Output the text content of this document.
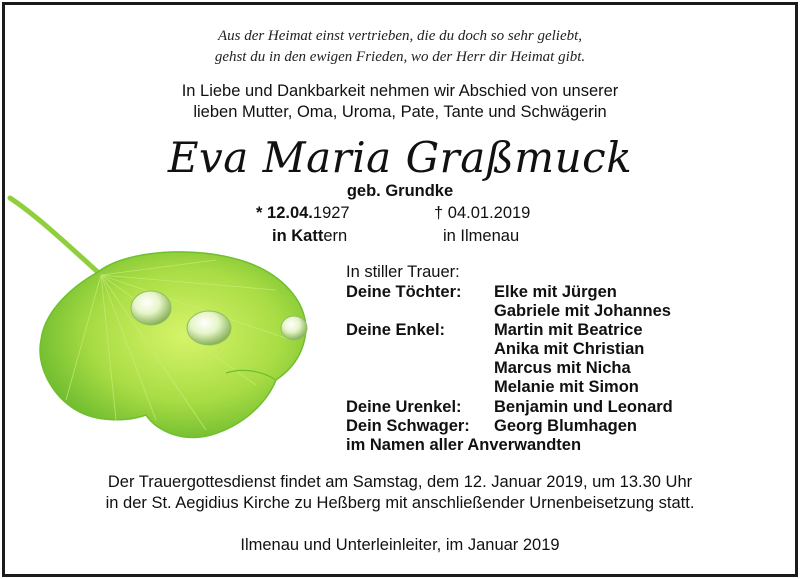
Aus der Heimat einst vertrieben, die du doch so sehr geliebt,
gehst du in den ewigen Frieden, wo der Herr dir Heimat gibt.
In Liebe und Dankbarkeit nehmen wir Abschied von unserer
lieben Mutter, Oma, Uroma, Pate, Tante und Schwägerin
Eva Maria Graßmuck
geb. Grundke
* 12.04.1927	† 04.01.2019
in Kattern	in Ilmenau
In stiller Trauer:
Deine Töchter: Elke mit Jürgen
Gabriele mit Johannes
Deine Enkel:	Martin mit Beatrice
Anika mit Christian
Marcus mit Nicha
Melanie mit Simon
Deine Urenkel: Benjamin und Leonard
Dein Schwager: Georg Blumhagen
im Namen aller Anverwandten
Der Trauergottesdienst findet am Samstag, dem 12. Januar 2019, um 13.30 Uhr
in der St. Aegidius Kirche zu Heßberg mit anschließender Urnenbeisetzung statt.
Ilmenau und Unterleinleiter, im Januar 2019
